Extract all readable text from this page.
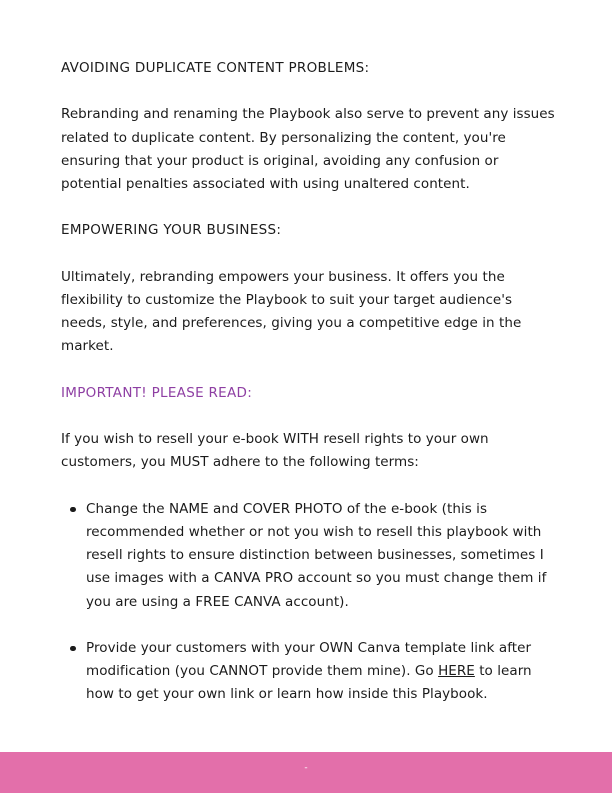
AVOIDING DUPLICATE CONTENT PROBLEMS:

Rebranding and renaming the Playbook also serve to prevent any issues related to duplicate content. By personalizing the content, you're ensuring that your product is original, avoiding any confusion or potential penalties associated with using unaltered content.

EMPOWERING YOUR BUSINESS:

Ultimately, rebranding empowers your business. It offers you the flexibility to customize the Playbook to suit your target audience's needs, style, and preferences, giving you a competitive edge in the market.

IMPORTANT! PLEASE READ:

If you wish to resell your e-book WITH resell rights to your own customers, you MUST adhere to the following terms:

Change the NAME and COVER PHOTO of the e-book (this is recommended whether or not you wish to resell this playbook with resell rights to ensure distinction between businesses, sometimes I use images with a CANVA PRO account so you must change them if you are using a FREE CANVA account).
Provide your customers with your OWN Canva template link after modification (you CANNOT provide them mine). Go HERE to learn how to get your own link or learn how inside this Playbook.
-
